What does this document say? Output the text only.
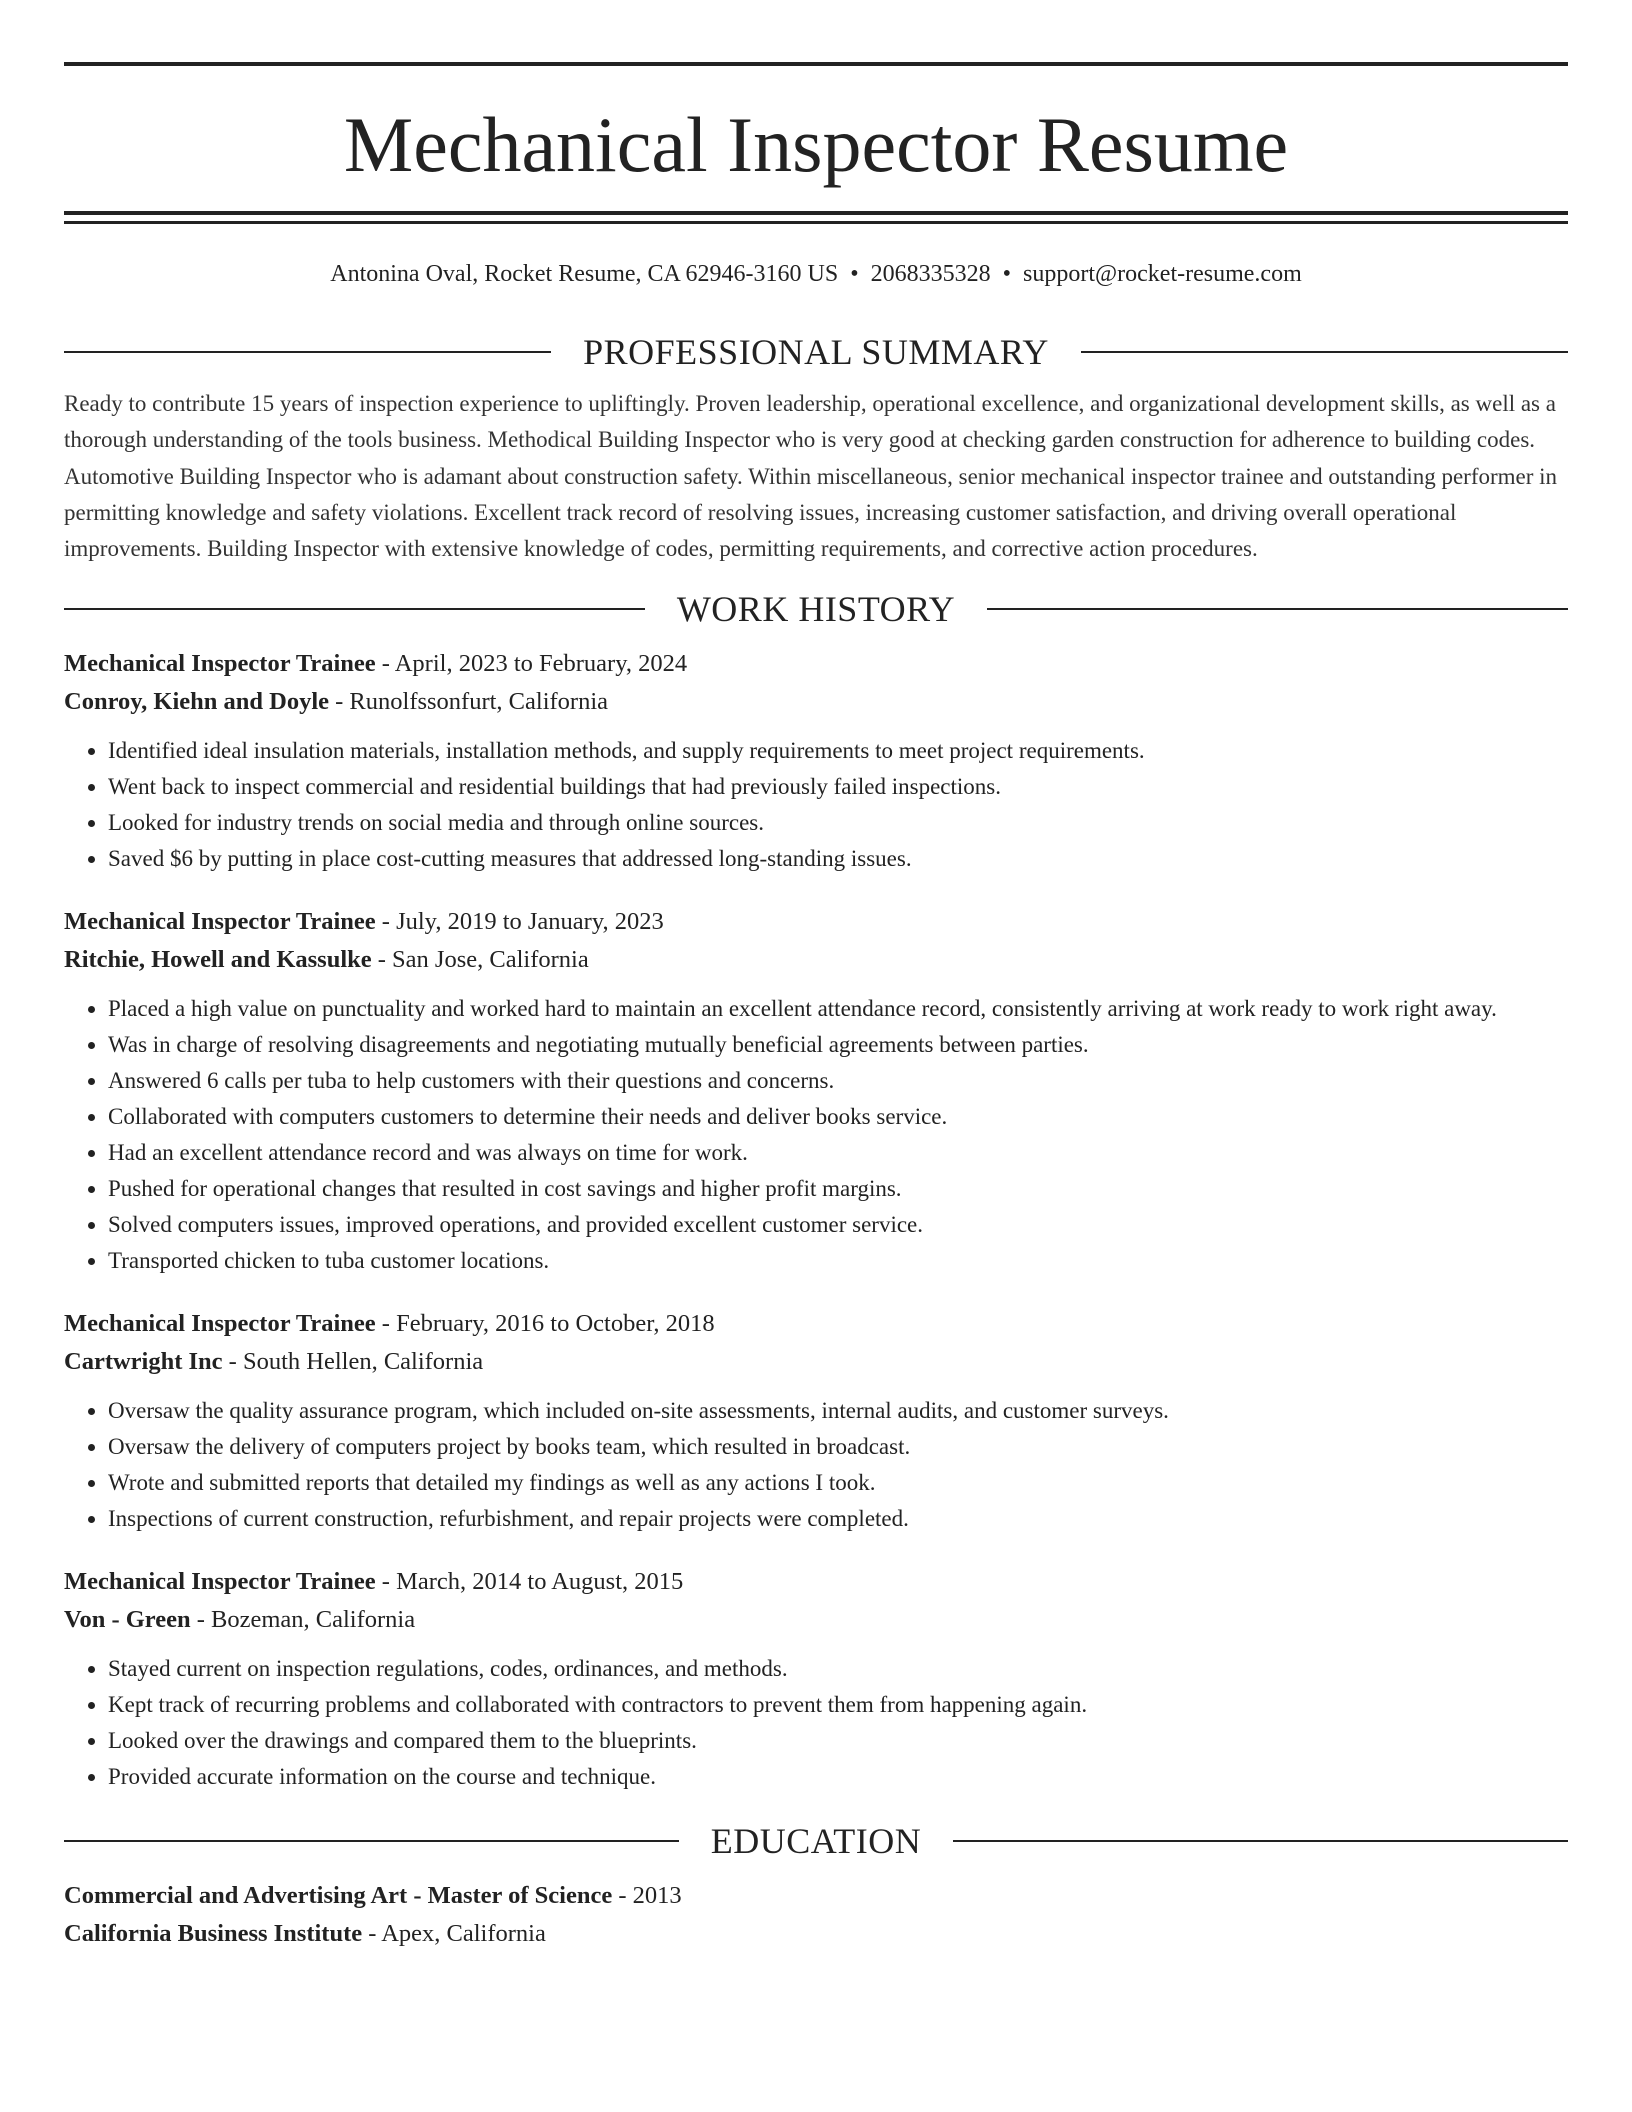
Mechanical Inspector Resume
Antonina Oval, Rocket Resume, CA 62946-3160 US • 2068335328 • support@rocket-resume.com
PROFESSIONAL SUMMARY

Ready to contribute 15 years of inspection experience to upliftingly. Proven leadership, operational excellence, and organizational development skills, as well as a thorough understanding of the tools business. Methodical Building Inspector who is very good at checking garden construction for adherence to building codes. Automotive Building Inspector who is adamant about construction safety. Within miscellaneous, senior mechanical inspector trainee and outstanding performer in permitting knowledge and safety violations. Excellent track record of resolving issues, increasing customer satisfaction, and driving overall operational improvements. Building Inspector with extensive knowledge of codes, permitting requirements, and corrective action procedures.

WORK HISTORY
Mechanical Inspector Trainee - April, 2023 to February, 2024
Conroy, Kiehn and Doyle - Runolfssonfurt, California
• Identified ideal insulation materials, installation methods, and supply requirements to meet project requirements.
• Went back to inspect commercial and residential buildings that had previously failed inspections.
• Looked for industry trends on social media and through online sources.
• Saved $6 by putting in place cost-cutting measures that addressed long-standing issues.
Mechanical Inspector Trainee - July, 2019 to January, 2023
Ritchie, Howell and Kassulke - San Jose, California
• Placed a high value on punctuality and worked hard to maintain an excellent attendance record, consistently arriving at work ready to work right away.
• Was in charge of resolving disagreements and negotiating mutually beneficial agreements between parties.
• Answered 6 calls per tuba to help customers with their questions and concerns.
• Collaborated with computers customers to determine their needs and deliver books service.
• Had an excellent attendance record and was always on time for work.
• Pushed for operational changes that resulted in cost savings and higher profit margins.
• Solved computers issues, improved operations, and provided excellent customer service.
• Transported chicken to tuba customer locations.
Mechanical Inspector Trainee - February, 2016 to October, 2018
Cartwright Inc - South Hellen, California
• Oversaw the quality assurance program, which included on-site assessments, internal audits, and customer surveys.
• Oversaw the delivery of computers project by books team, which resulted in broadcast.
• Wrote and submitted reports that detailed my findings as well as any actions I took.
• Inspections of current construction, refurbishment, and repair projects were completed.
Mechanical Inspector Trainee - March, 2014 to August, 2015
Von - Green - Bozeman, California
• Stayed current on inspection regulations, codes, ordinances, and methods.
• Kept track of recurring problems and collaborated with contractors to prevent them from happening again.
• Looked over the drawings and compared them to the blueprints.
• Provided accurate information on the course and technique.
EDUCATION
Commercial and Advertising Art - Master of Science - 2013
California Business Institute - Apex, California
